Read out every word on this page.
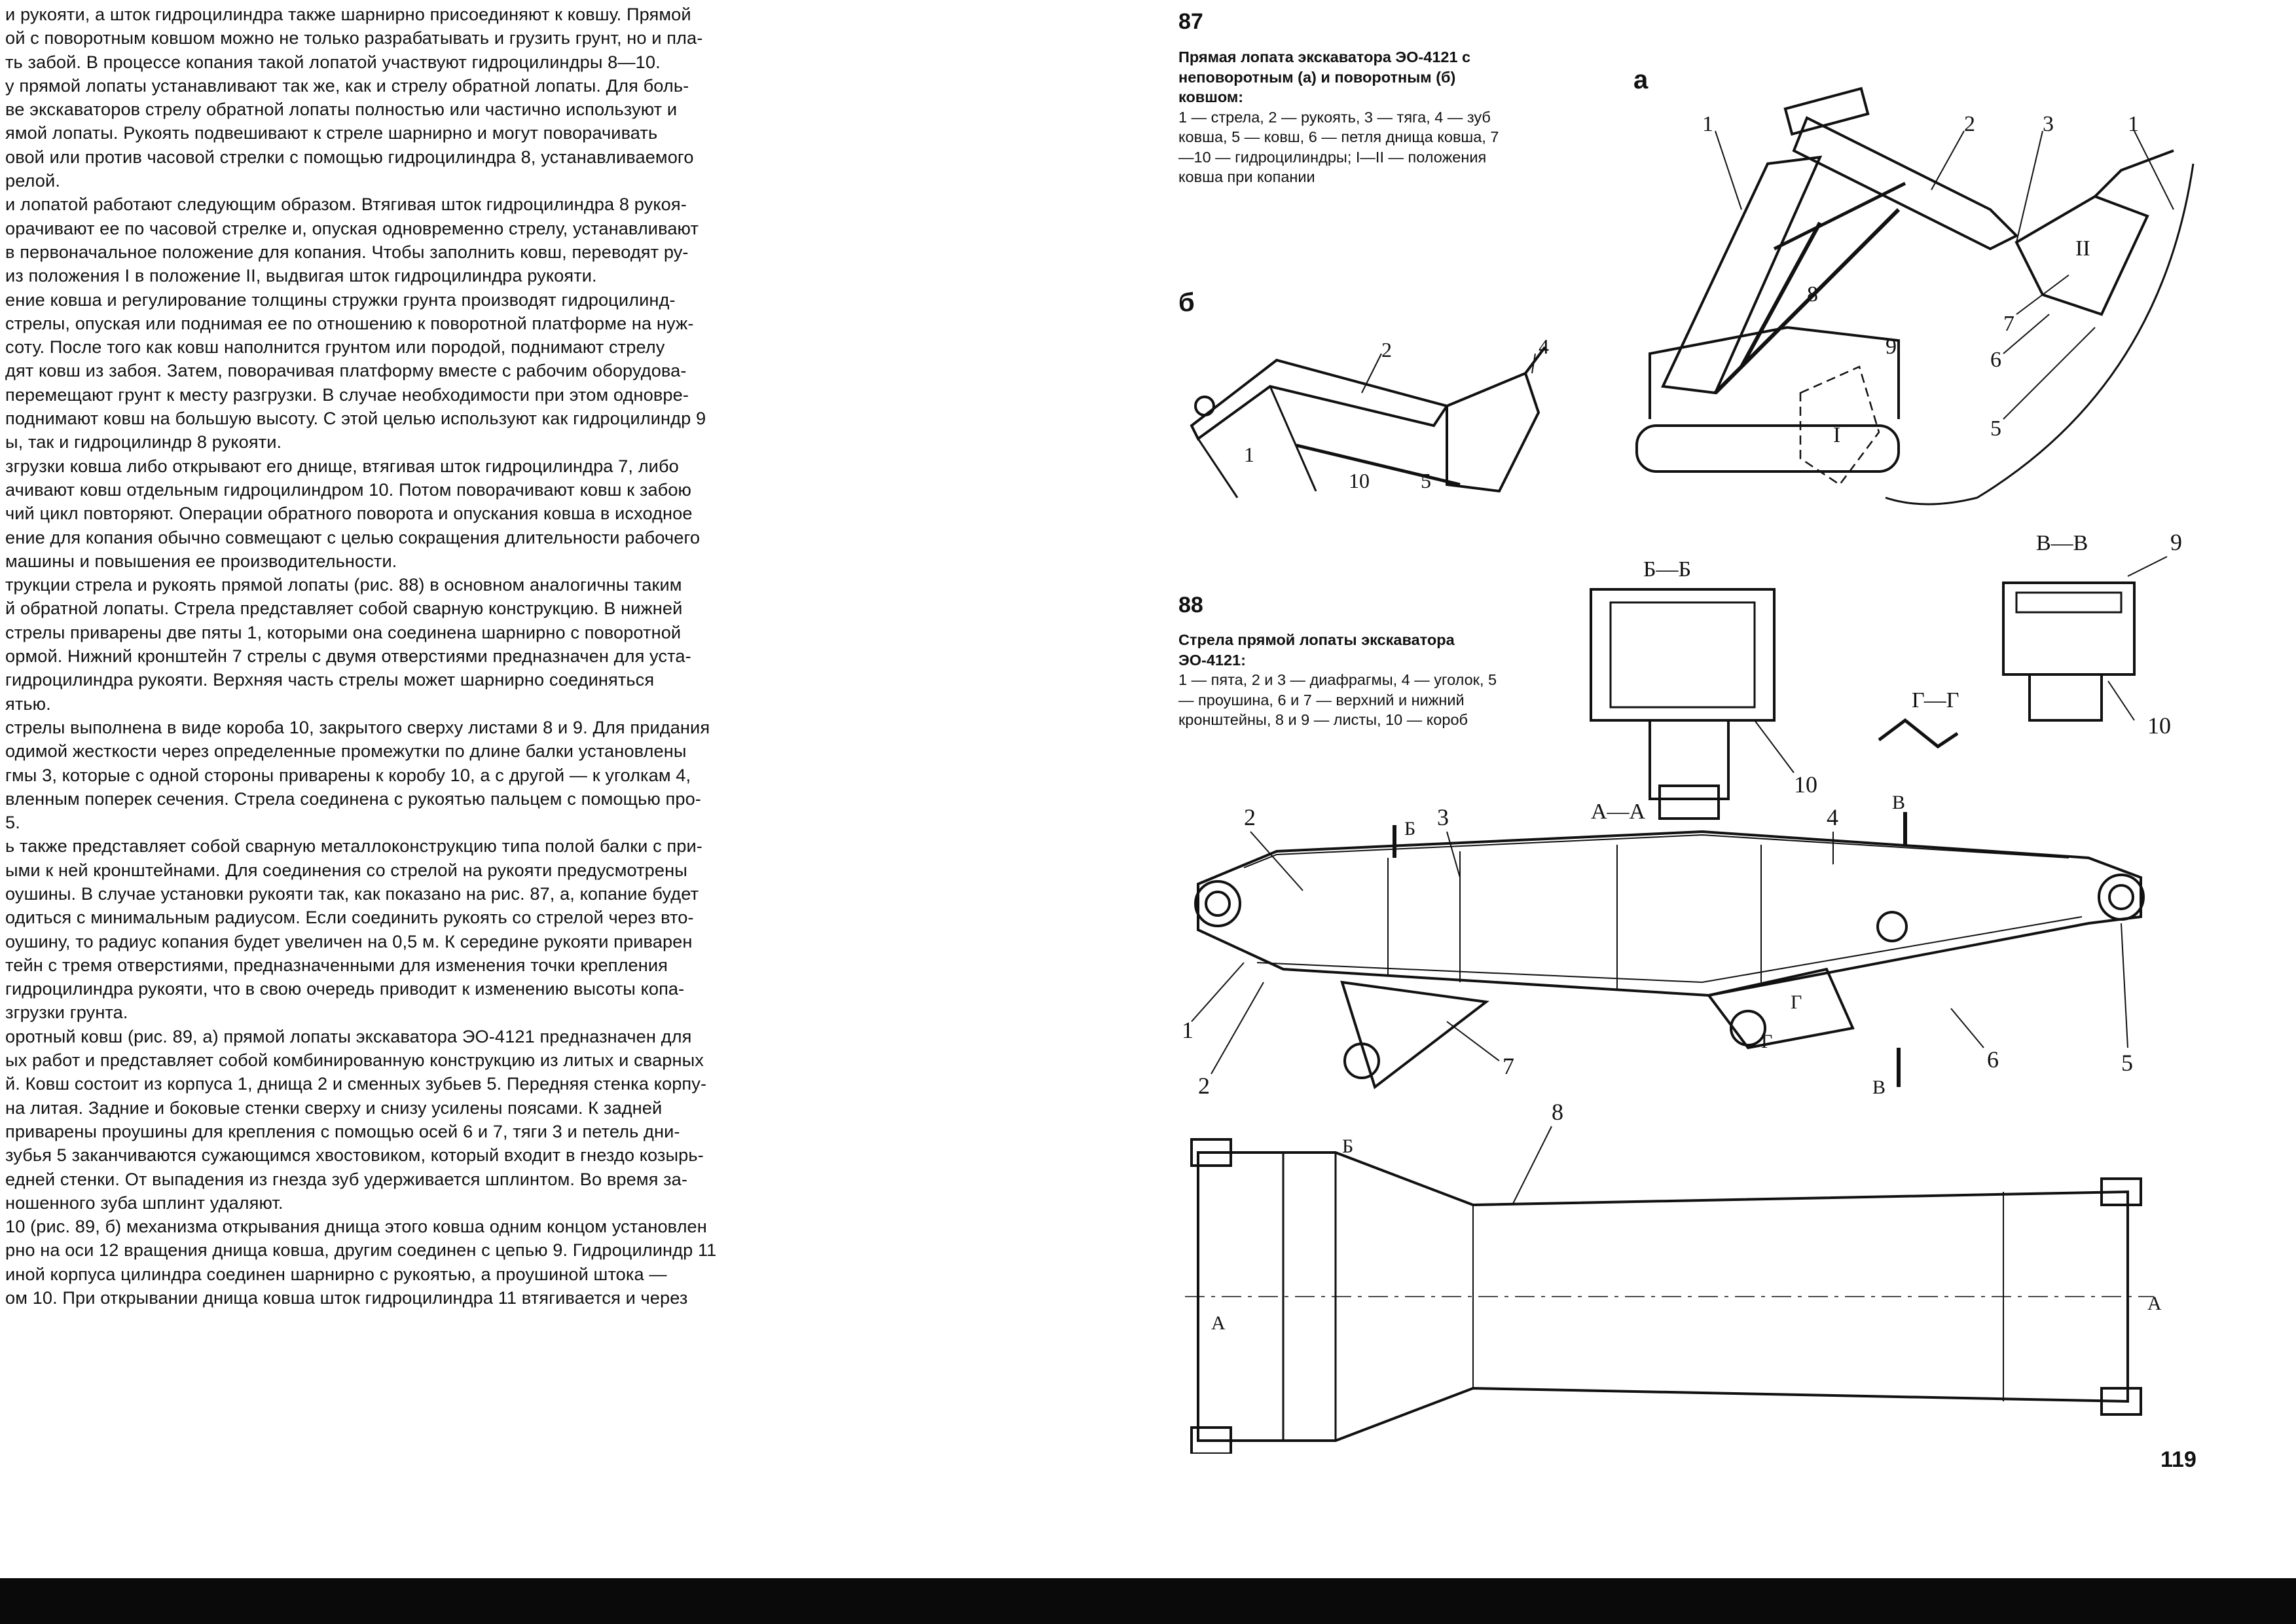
и рукояти, а шток гидроцилиндра также шарнирно присоединяют к ковшу. Прямой

ой с поворотным ковшом можно не только разрабатывать и грузить грунт, но и пла-

ть забой. В процессе копания такой лопатой участвуют гидроцилиндры 8—10.

у прямой лопаты устанавливают так же, как и стрелу обратной лопаты. Для боль-

ве экскаваторов стрелу обратной лопаты полностью или частично используют и

ямой лопаты. Рукоять подвешивают к стреле шарнирно и могут поворачивать

овой или против часовой стрелки с помощью гидроцилиндра 8, устанавливаемого

релой.

и лопатой работают следующим образом. Втягивая шток гидроцилиндра 8 рукоя-

орачивают ее по часовой стрелке и, опуская одновременно стрелу, устанавливают

в первоначальное положение для копания. Чтобы заполнить ковш, переводят ру-

из положения I в положение II, выдвигая шток гидроцилиндра рукояти.

ение ковша и регулирование толщины стружки грунта производят гидроцилинд-

стрелы, опуская или поднимая ее по отношению к поворотной платформе на нуж-

соту. После того как ковш наполнится грунтом или породой, поднимают стрелу

дят ковш из забоя. Затем, поворачивая платформу вместе с рабочим оборудова-

перемещают грунт к месту разгрузки. В случае необходимости при этом одновре-

поднимают ковш на большую высоту. С этой целью используют как гидроцилиндр 9

ы, так и гидроцилиндр 8 рукояти.

згрузки ковша либо открывают его днище, втягивая шток гидроцилиндра 7, либо

ачивают ковш отдельным гидроцилиндром 10. Потом поворачивают ковш к забою

чий цикл повторяют. Операции обратного поворота и опускания ковша в исходное

ение для копания обычно совмещают с целью сокращения длительности рабочего

машины и повышения ее производительности.

трукции стрела и рукоять прямой лопаты (рис. 88) в основном аналогичны таким

й обратной лопаты. Стрела представляет собой сварную конструкцию. В нижней

стрелы приварены две пяты 1, которыми она соединена шарнирно с поворотной

ормой. Нижний кронштейн 7 стрелы с двумя отверстиями предназначен для уста-

гидроцилиндра рукояти. Верхняя часть стрелы может шарнирно соединяться

ятью.

стрелы выполнена в виде короба 10, закрытого сверху листами 8 и 9. Для придания

одимой жесткости через определенные промежутки по длине балки установлены

гмы 3, которые с одной стороны приварены к коробу 10, а с другой — к уголкам 4,

вленным поперек сечения. Стрела соединена с рукоятью пальцем с помощью про-

5.

ь также представляет собой сварную металлоконструкцию типа полой балки с при-

ыми к ней кронштейнами. Для соединения со стрелой на рукояти предусмотрены

оушины. В случае установки рукояти так, как показано на рис. 87, а, копание будет

одиться с минимальным радиусом. Если соединить рукоять со стрелой через вто-

оушину, то радиус копания будет увеличен на 0,5 м. К середине рукояти приварен

тейн с тремя отверстиями, предназначенными для изменения точки крепления

гидроцилиндра рукояти, что в свою очередь приводит к изменению высоты копа-

згрузки грунта.

оротный ковш (рис. 89, а) прямой лопаты экскаватора ЭО-4121 предназначен для

ых работ и представляет собой комбинированную конструкцию из литых и сварных

й. Ковш состоит из корпуса 1, днища 2 и сменных зубьев 5. Передняя стенка корпу-

на литая. Задние и боковые стенки сверху и снизу усилены поясами. К задней

приварены проушины для крепления с помощью осей 6 и 7, тяги 3 и петель дни-

зубья 5 заканчиваются сужающимся хвостовиком, который входит в гнездо козырь-

едней стенки. От выпадения из гнезда зуб удерживается шплинтом. Во время за-

ношенного зуба шплинт удаляют.

10 (рис. 89, б) механизма открывания днища этого ковша одним концом установлен

рно на оси 12 вращения днища ковша, другим соединен с цепью 9. Гидроцилиндр 11

иной корпуса цилиндра соединен шарнирно с рукоятью, а проушиной штока —

ом 10. При открывании днища ковша шток гидроцилиндра 11 втягивается и через

87
Прямая лопата экскаватора ЭО-4121 с неповоротным (а) и поворотным (б) ковшом:
1 — стрела, 2 — рукоять, 3 — тяга, 4 — зуб ковша, 5 — ковш, 6 — петля днища ковша, 7—10 — гидроцилиндры; I—II — положения ковша при копании
а
б
1	2	3	1
7
II
6
8
9
5
I
2	4
1
10 5
88
Стрела прямой лопаты экскаватора ЭО-4121:
1 — пята, 2 и 3 — диафрагмы, 4 — уголок, 5 — проушина, 6 и 7 — верхний и нижний кронштейны, 8 и 9 — листы, 10 — короб
9
10
10
2	3	4
1
2
7	6	5
8
Б—Б
В—В
Г—Г
А—А
Б
Б
В
В
Г
Г
А
А
119
